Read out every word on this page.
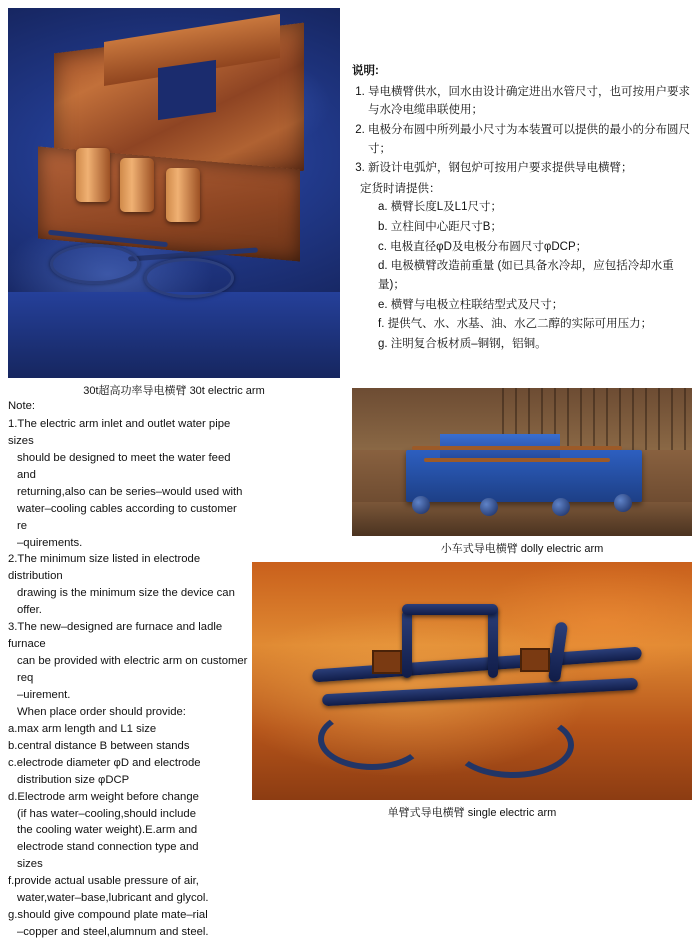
30t超高功率导电横臂 30t electric arm
说明:
1. 导电横臂供水，回水由设计确定进出水管尺寸，也可按用户要求与水冷电缆串联使用；
2. 电极分布圆中所列最小尺寸为本装置可以提供的最小的分布圆尺寸；
3. 新设计电弧炉，钢包炉可按用户要求提供导电横臂；
定货时请提供：
a. 横臂长度L及L1尺寸；
b. 立柱间中心距尺寸B；
c. 电极直径φD及电极分布圆尺寸φDCP；
d. 电极横臂改造前重量 (如已具备水冷却，应包括冷却水重量)；
e. 横臂与电极立柱联结型式及尺寸；
f. 提供气、水、水基、油、水乙二醇的实际可用压力；
g. 注明复合板材质–铜钢，铝铜。
Note:
1.The electric arm inlet and outlet water pipe sizes
should be designed to meet the water feed and
returning,also can be series–would used with
water–cooling cables according to customer re
–quirements.
2.The minimum size listed in electrode distribution
drawing is the minimum size the device can offer.
3.The new–designed are furnace and ladle furnace
can be provided with electric arm on customer req
–uirement.
When place order should provide:
a.max arm length and L1 size
b.central distance B between stands
c.electrode diameter φD and electrode
distribution size φDCP
d.Electrode arm weight before change
(if has water–cooling,should include
the cooling water weight).E.arm and
electrode stand connection type and
sizes
f.provide actual usable pressure of air,
water,water–base,lubricant and glycol.
g.should give compound plate mate–rial
–copper and steel,alumnum and steel.
小车式导电横臂 dolly electric arm
单臂式导电横臂 single electric arm
